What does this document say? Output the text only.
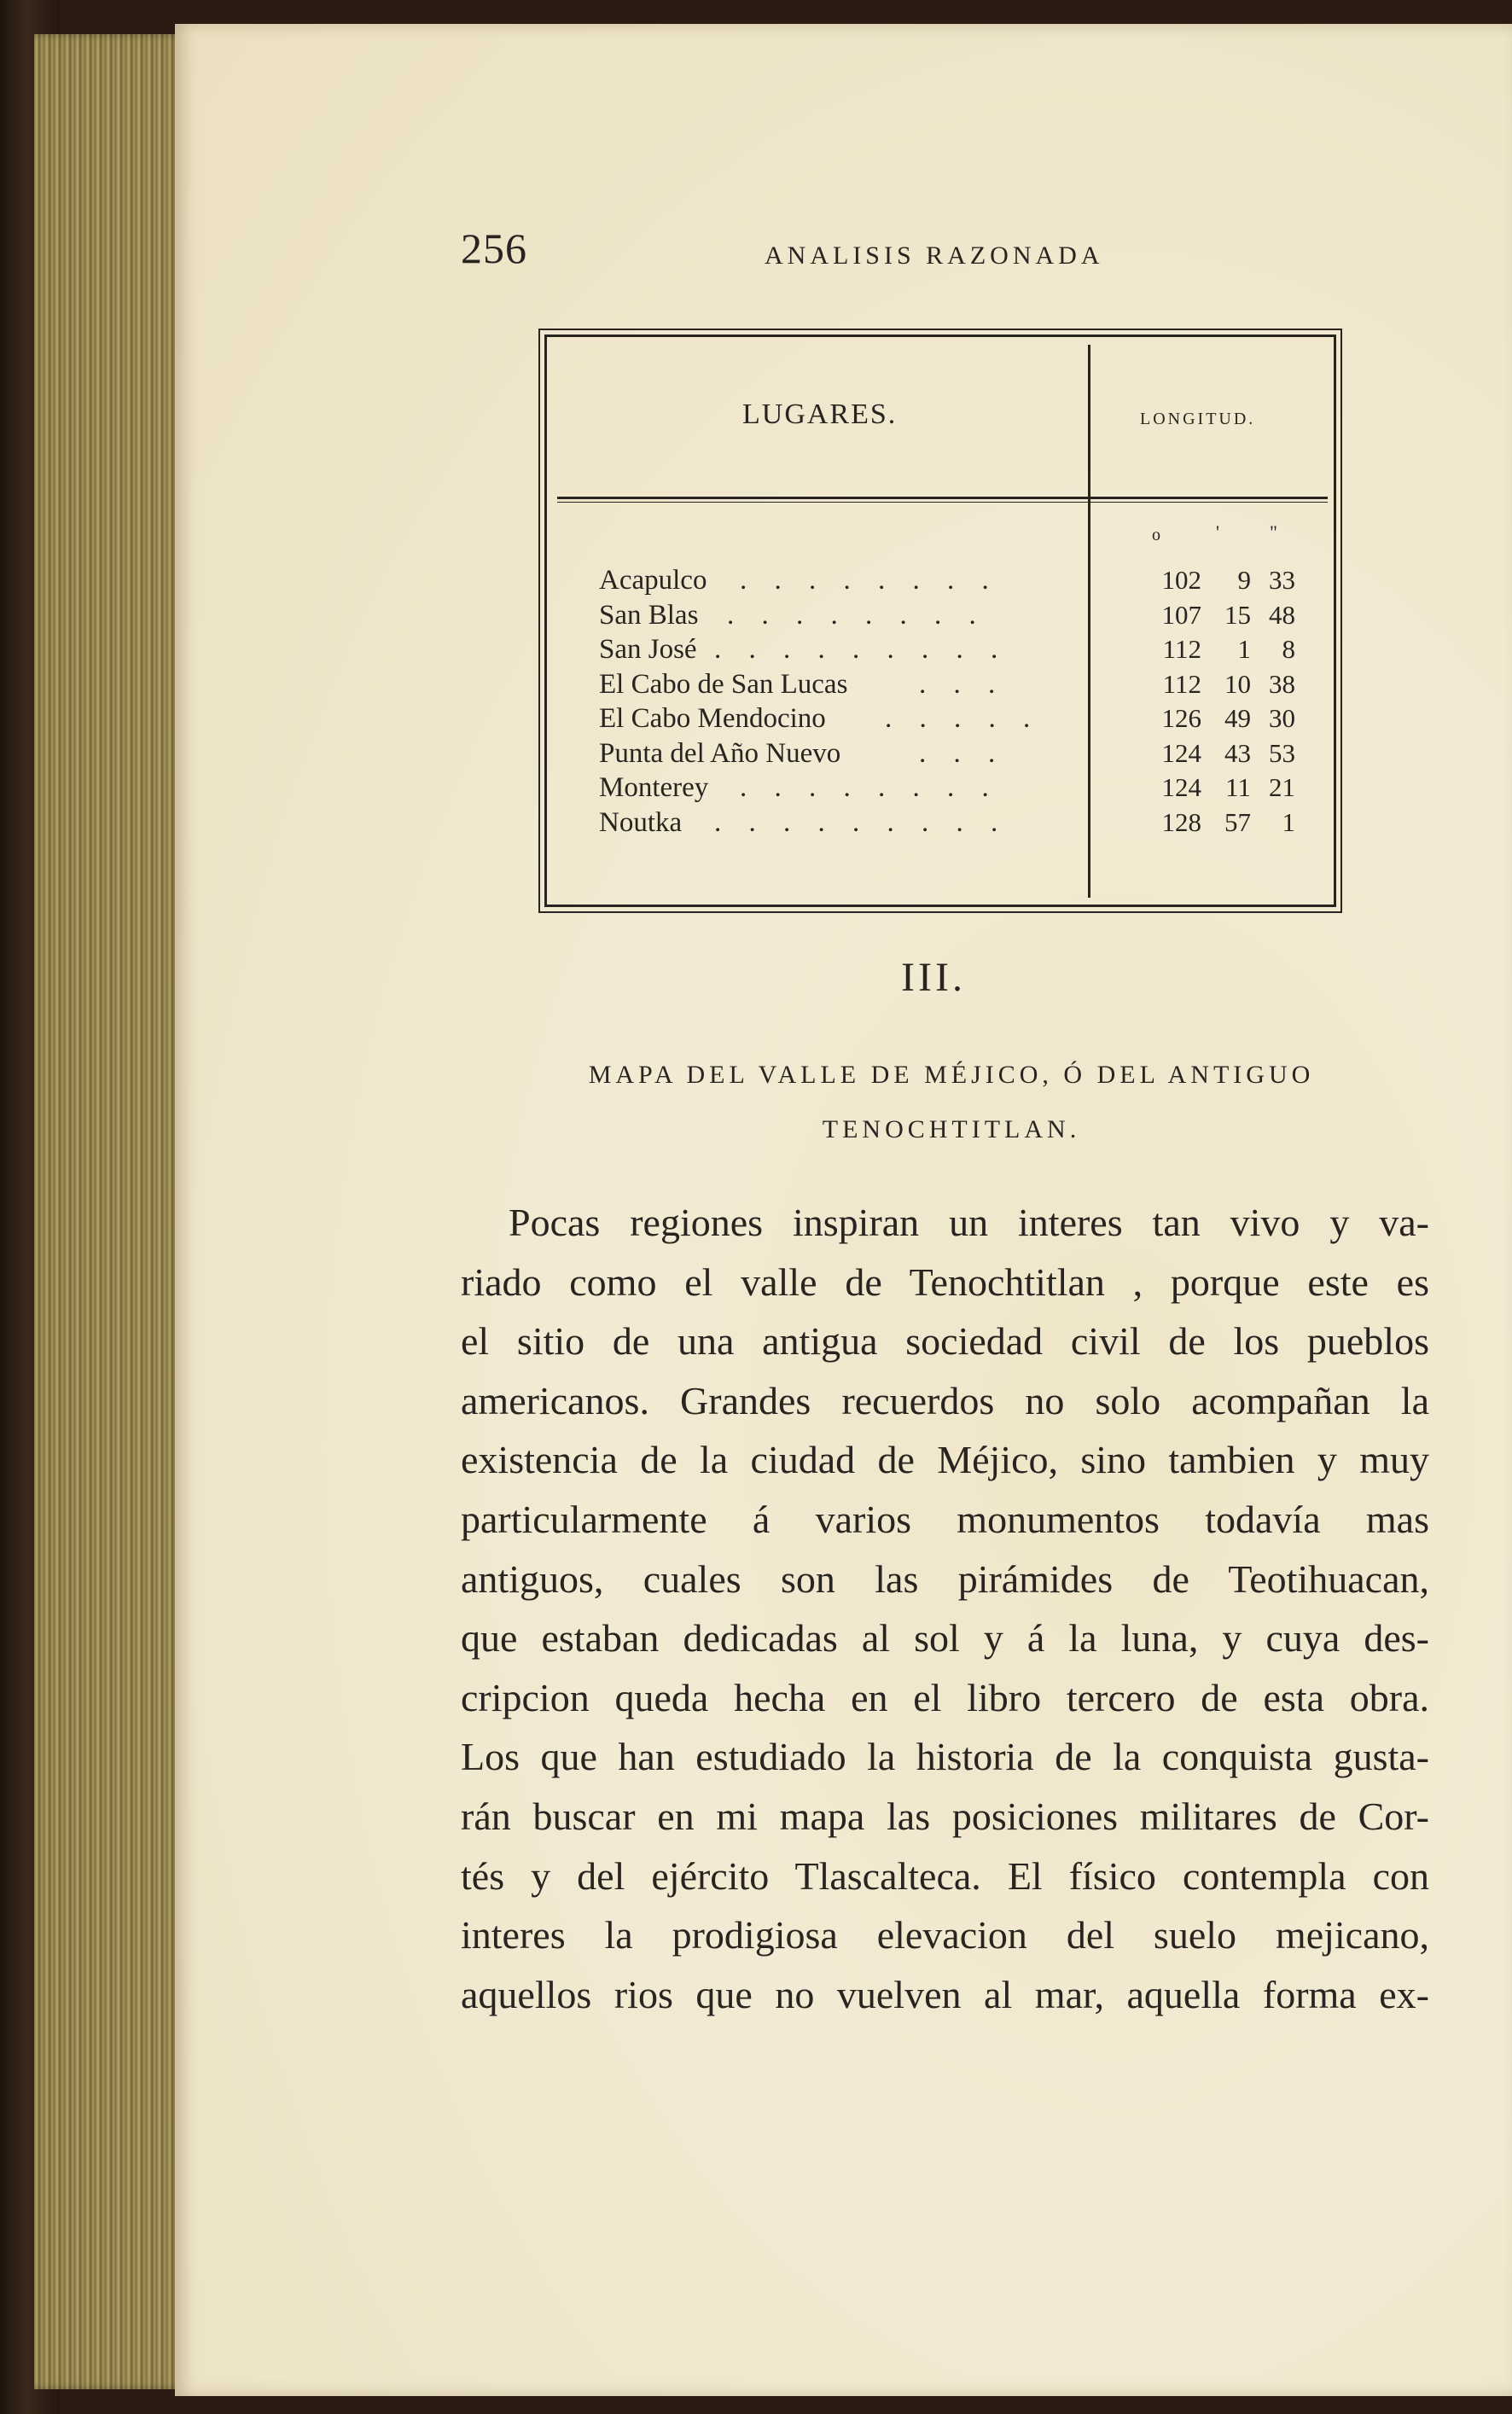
256	ANALISIS RAZONADA
LUGARES.	LONGITUD.
o	'	"
Acapulco . . . . . . . .	102	9 33
San Blas . . . . . . . .	107 15 48
San José . . . . . . . . .	112	1	8
El Cabo de San Lucas	. . .	112 10 38
El Cabo Mendocino . . . . .	126 49 30
Punta del Año Nuevo	. . .	124 43 53
Monterey . . . . . . . .	124 11 21
Noutka . . . . . . . . .	128 57	1
III.
MAPA DEL VALLE DE MÉJICO, Ó DEL ANTIGUO
TENOCHTITLAN.
Pocas regiones inspiran un interes tan vivo y va-
riado como el valle de Tenochtitlan , porque este es
el sitio de una antigua sociedad civil de los pueblos
americanos. Grandes recuerdos no solo acompañan la
existencia de la ciudad de Méjico, sino tambien y muy
particularmente á varios monumentos todavía mas
antiguos, cuales son las pirámides de Teotihuacan,
que estaban dedicadas al sol y á la luna, y cuya des-
cripcion queda hecha en el libro tercero de esta obra.
Los que han estudiado la historia de la conquista gusta-
rán buscar en mi mapa las posiciones militares de Cor-
tés y del ejército Tlascalteca. El físico contempla con
interes la prodigiosa elevacion del suelo mejicano,
aquellos rios que no vuelven al mar, aquella forma ex-
